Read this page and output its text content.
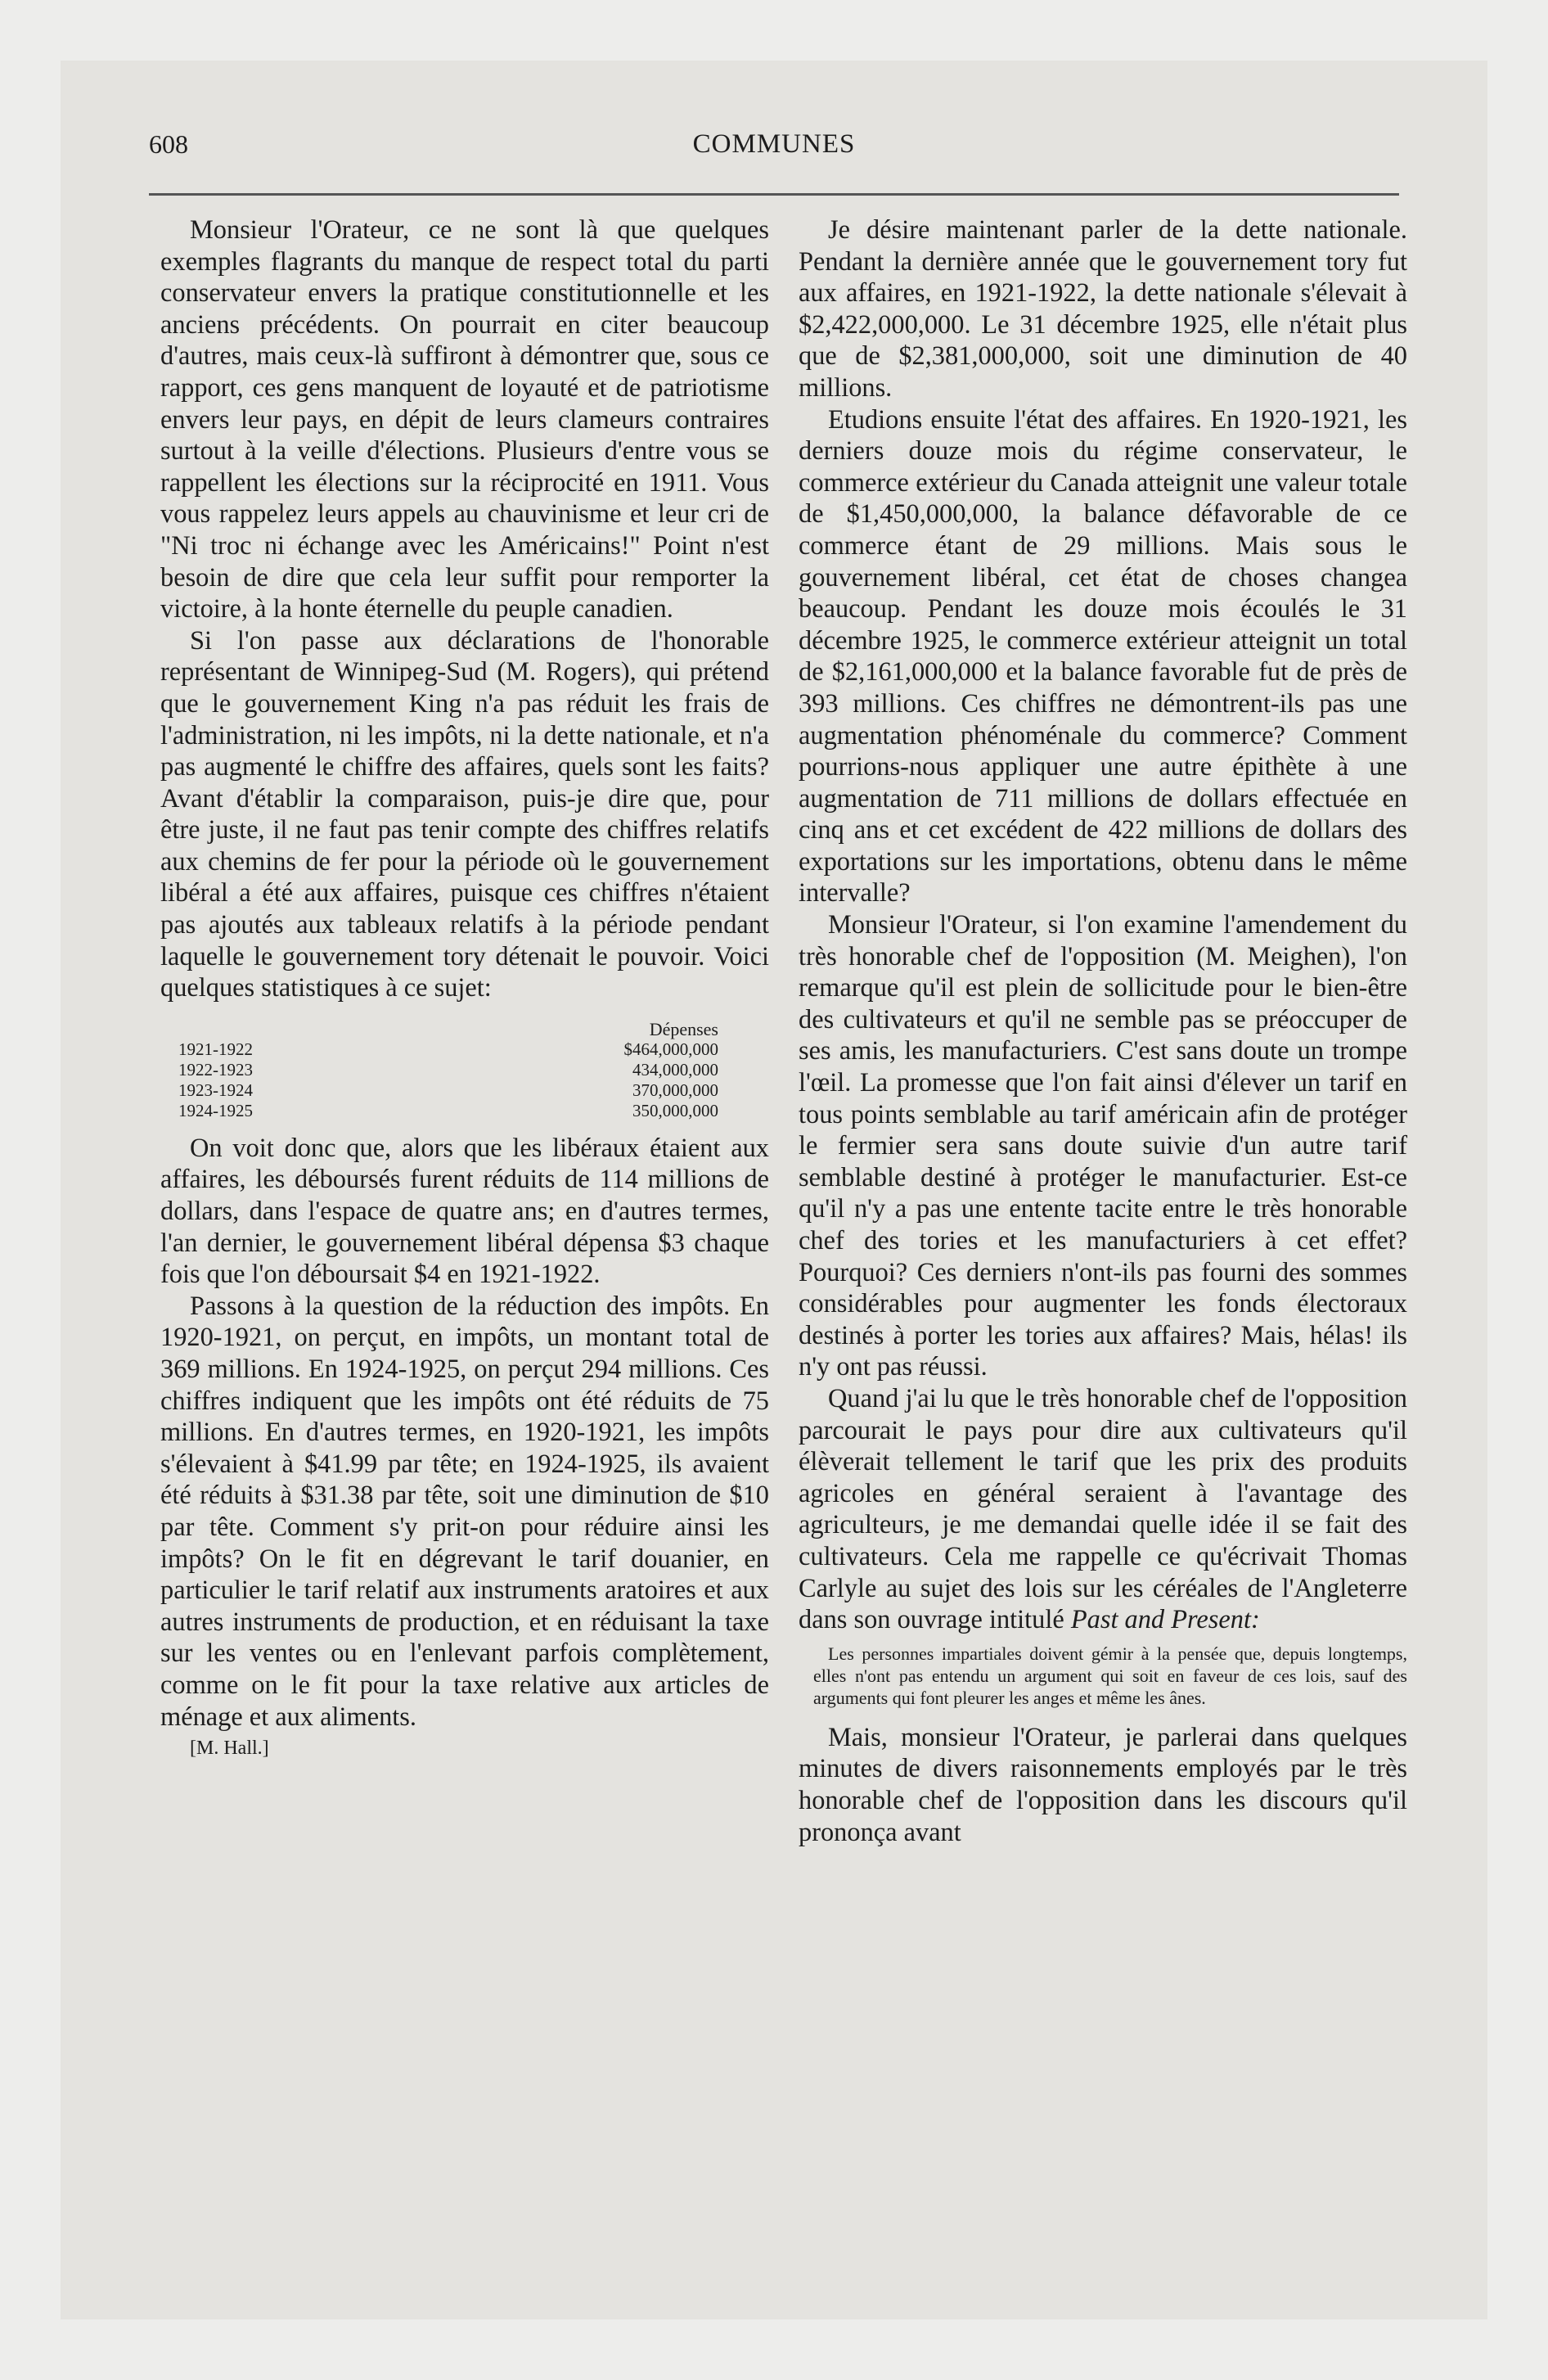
608	COMMUNES

Monsieur l'Orateur, ce ne sont là que quelques exemples flagrants du manque de respect total du parti conservateur envers la pratique constitutionnelle et les anciens précédents. On pourrait en citer beaucoup d'autres, mais ceux-là suffiront à démontrer que, sous ce rapport, ces gens manquent de loyauté et de patriotisme envers leur pays, en dépit de leurs clameurs contraires surtout à la veille d'élections. Plusieurs d'entre vous se rappellent les élections sur la réciprocité en 1911. Vous vous rappelez leurs appels au chauvinisme et leur cri de "Ni troc ni échange avec les Américains!" Point n'est besoin de dire que cela leur suffit pour remporter la victoire, à la honte éternelle du peuple canadien.

Si l'on passe aux déclarations de l'honorable représentant de Winnipeg-Sud (M. Rogers), qui prétend que le gouvernement King n'a pas réduit les frais de l'administration, ni les impôts, ni la dette nationale, et n'a pas augmenté le chiffre des affaires, quels sont les faits? Avant d'établir la comparaison, puis-je dire que, pour être juste, il ne faut pas tenir compte des chiffres relatifs aux chemins de fer pour la période où le gouvernement libéral a été aux affaires, puisque ces chiffres n'étaient pas ajoutés aux tableaux relatifs à la période pendant laquelle le gouvernement tory détenait le pouvoir. Voici quelques statistiques à ce sujet:

Dépenses
1921-1922	$464,000,000
1922-1923	434,000,000
1923-1924	370,000,000
1924-1925	350,000,000

On voit donc que, alors que les libéraux étaient aux affaires, les déboursés furent réduits de 114 millions de dollars, dans l'espace de quatre ans; en d'autres termes, l'an dernier, le gouvernement libéral dépensa $3 chaque fois que l'on déboursait $4 en 1921-1922.

Passons à la question de la réduction des impôts. En 1920-1921, on perçut, en impôts, un montant total de 369 millions. En 1924-1925, on perçut 294 millions. Ces chiffres indiquent que les impôts ont été réduits de 75 millions. En d'autres termes, en 1920-1921, les impôts s'élevaient à $41.99 par tête; en 1924-1925, ils avaient été réduits à $31.38 par tête, soit une diminution de $10 par tête. Comment s'y prit-on pour réduire ainsi les impôts? On le fit en dégrevant le tarif douanier, en particulier le tarif relatif aux instruments aratoires et aux autres instruments de production, et en réduisant la taxe sur les ventes ou en l'enlevant parfois complètement, comme on le fit pour la taxe relative aux articles de ménage et aux aliments.

[M. Hall.]

Je désire maintenant parler de la dette nationale. Pendant la dernière année que le gouvernement tory fut aux affaires, en 1921-1922, la dette nationale s'élevait à $2,422,000,000. Le 31 décembre 1925, elle n'était plus que de $2,381,000,000, soit une diminution de 40 millions.

Etudions ensuite l'état des affaires. En 1920-1921, les derniers douze mois du régime conservateur, le commerce extérieur du Canada atteignit une valeur totale de $1,450,000,000, la balance défavorable de ce commerce étant de 29 millions. Mais sous le gouvernement libéral, cet état de choses changea beaucoup. Pendant les douze mois écoulés le 31 décembre 1925, le commerce extérieur atteignit un total de $2,161,000,000 et la balance favorable fut de près de 393 millions. Ces chiffres ne démontrent-ils pas une augmentation phénoménale du commerce? Comment pourrions-nous appliquer une autre épithète à une augmentation de 711 millions de dollars effectuée en cinq ans et cet excédent de 422 millions de dollars des exportations sur les importations, obtenu dans le même intervalle?

Monsieur l'Orateur, si l'on examine l'amendement du très honorable chef de l'opposition (M. Meighen), l'on remarque qu'il est plein de sollicitude pour le bien-être des cultivateurs et qu'il ne semble pas se préoccuper de ses amis, les manufacturiers. C'est sans doute un trompe l'œil. La promesse que l'on fait ainsi d'élever un tarif en tous points semblable au tarif américain afin de protéger le fermier sera sans doute suivie d'un autre tarif semblable destiné à protéger le manufacturier. Est-ce qu'il n'y a pas une entente tacite entre le très honorable chef des tories et les manufacturiers à cet effet? Pourquoi? Ces derniers n'ont-ils pas fourni des sommes considérables pour augmenter les fonds électoraux destinés à porter les tories aux affaires? Mais, hélas! ils n'y ont pas réussi.

Quand j'ai lu que le très honorable chef de l'opposition parcourait le pays pour dire aux cultivateurs qu'il élèverait tellement le tarif que les prix des produits agricoles en général seraient à l'avantage des agriculteurs, je me demandai quelle idée il se fait des cultivateurs. Cela me rappelle ce qu'écrivait Thomas Carlyle au sujet des lois sur les céréales de l'Angleterre dans son ouvrage intitulé Past and Present:

Les personnes impartiales doivent gémir à la pensée que, depuis longtemps, elles n'ont pas entendu un argument qui soit en faveur de ces lois, sauf des arguments qui font pleurer les anges et même les ânes.

Mais, monsieur l'Orateur, je parlerai dans quelques minutes de divers raisonnements employés par le très honorable chef de l'opposition dans les discours qu'il prononça avant
